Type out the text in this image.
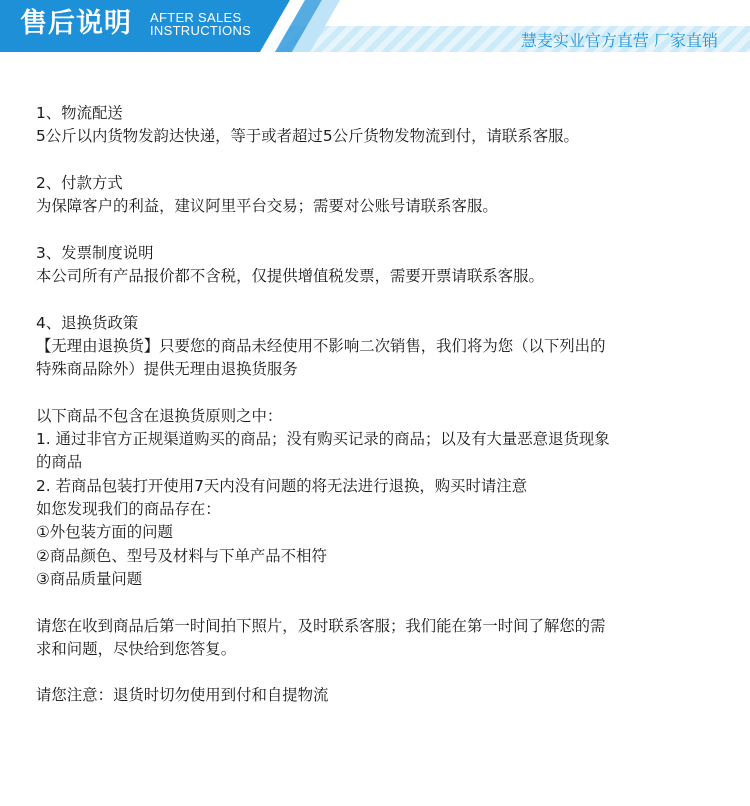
售后说明 AFTER SALES
INSTRUCTIONS
慧麦实业官方直营 厂家直销

1、物流配送

5公斤以内货物发韵达快递，等于或者超过5公斤货物发物流到付，请联系客服。

2、付款方式

为保障客户的利益，建议阿里平台交易；需要对公账号请联系客服。

3、发票制度说明

本公司所有产品报价都不含税，仅提供增值税发票，需要开票请联系客服。

4、退换货政策

【无理由退换货】只要您的商品未经使用不影响二次销售，我们将为您（以下列出的

特殊商品除外）提供无理由退换货服务

以下商品不包含在退换货原则之中：

1. 通过非官方正规渠道购买的商品；没有购买记录的商品；以及有大量恶意退货现象

的商品

2. 若商品包装打开使用7天内没有问题的将无法进行退换，购买时请注意

如您发现我们的商品存在：

①外包装方面的问题

②商品颜色、型号及材料与下单产品不相符

③商品质量问题

请您在收到商品后第一时间拍下照片，及时联系客服；我们能在第一时间了解您的需

求和问题，尽快给到您答复。

请您注意：退货时切勿使用到付和自提物流
